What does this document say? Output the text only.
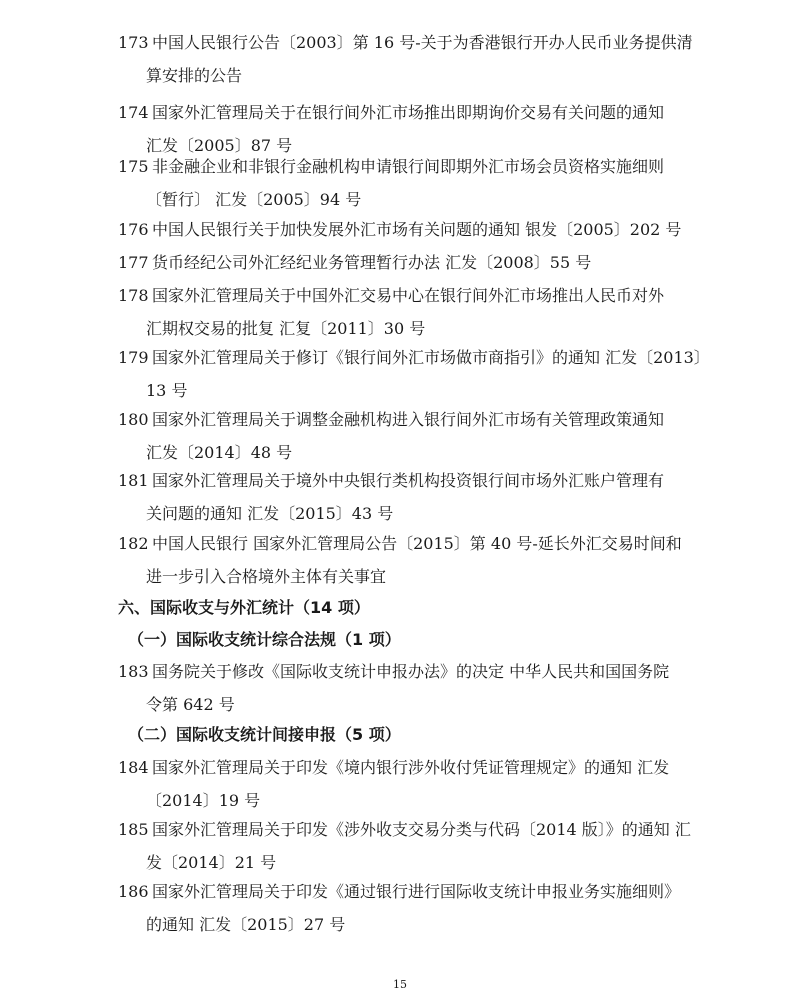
173 中国人民银行公告〔2003〕第 16 号-关于为香港银行开办人民币业务提供清
算安排的公告
174 国家外汇管理局关于在银行间外汇市场推出即期询价交易有关问题的通知
汇发〔2005〕87 号
175 非金融企业和非银行金融机构申请银行间即期外汇市场会员资格实施细则
〔暂行〕 汇发〔2005〕94 号
176 中国人民银行关于加快发展外汇市场有关问题的通知 银发〔2005〕202 号
177 货币经纪公司外汇经纪业务管理暂行办法 汇发〔2008〕55 号
178 国家外汇管理局关于中国外汇交易中心在银行间外汇市场推出人民币对外
汇期权交易的批复 汇复〔2011〕30 号
179 国家外汇管理局关于修订《银行间外汇市场做市商指引》的通知 汇发〔2013〕
13 号
180 国家外汇管理局关于调整金融机构进入银行间外汇市场有关管理政策通知
汇发〔2014〕48 号
181 国家外汇管理局关于境外中央银行类机构投资银行间市场外汇账户管理有
关问题的通知 汇发〔2015〕43 号
182 中国人民银行 国家外汇管理局公告〔2015〕第 40 号-延长外汇交易时间和
进一步引入合格境外主体有关事宜
六、国际收支与外汇统计（14 项）
（一）国际收支统计综合法规（1 项）
183 国务院关于修改《国际收支统计申报办法》的决定 中华人民共和国国务院
令第 642 号
（二）国际收支统计间接申报（5 项）
184 国家外汇管理局关于印发《境内银行涉外收付凭证管理规定》的通知 汇发
〔2014〕19 号
185 国家外汇管理局关于印发《涉外收支交易分类与代码〔2014 版〕》的通知 汇
发〔2014〕21 号
186 国家外汇管理局关于印发《通过银行进行国际收支统计申报业务实施细则》
的通知 汇发〔2015〕27 号
15
